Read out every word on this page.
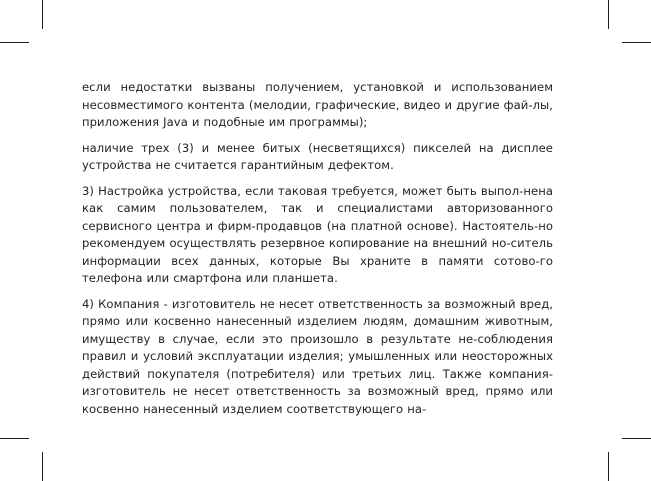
если недостатки вызваны получением, установкой и использованием несовместимого контента (мелодии, графические, видео и другие фай-лы, приложения Java и подобные им программы);

наличие трех (3) и менее битых (несветящихся) пикселей на дисплее устройства не считается гарантийным дефектом.

3) Настройка устройства, если таковая требуется, может быть выпол-нена как самим пользователем, так и специалистами авторизованного сервисного центра и фирм-продавцов (на платной основе). Настоятель-но рекомендуем осуществлять резервное копирование на внешний но-ситель информации всех данных, которые Вы храните в памяти сотово-го телефона или смартфона или планшета.

4) Компания - изготовитель не несет ответственность за возможный вред, прямо или косвенно нанесенный изделием людям, домашним животным, имуществу в случае, если это произошло в результате не-соблюдения правил и условий эксплуатации изделия; умышленных или неосторожных действий покупателя (потребителя) или третьих лиц. Также компания-изготовитель не несет ответственность за возможный вред, прямо или косвенно нанесенный изделием соответствующего на-
